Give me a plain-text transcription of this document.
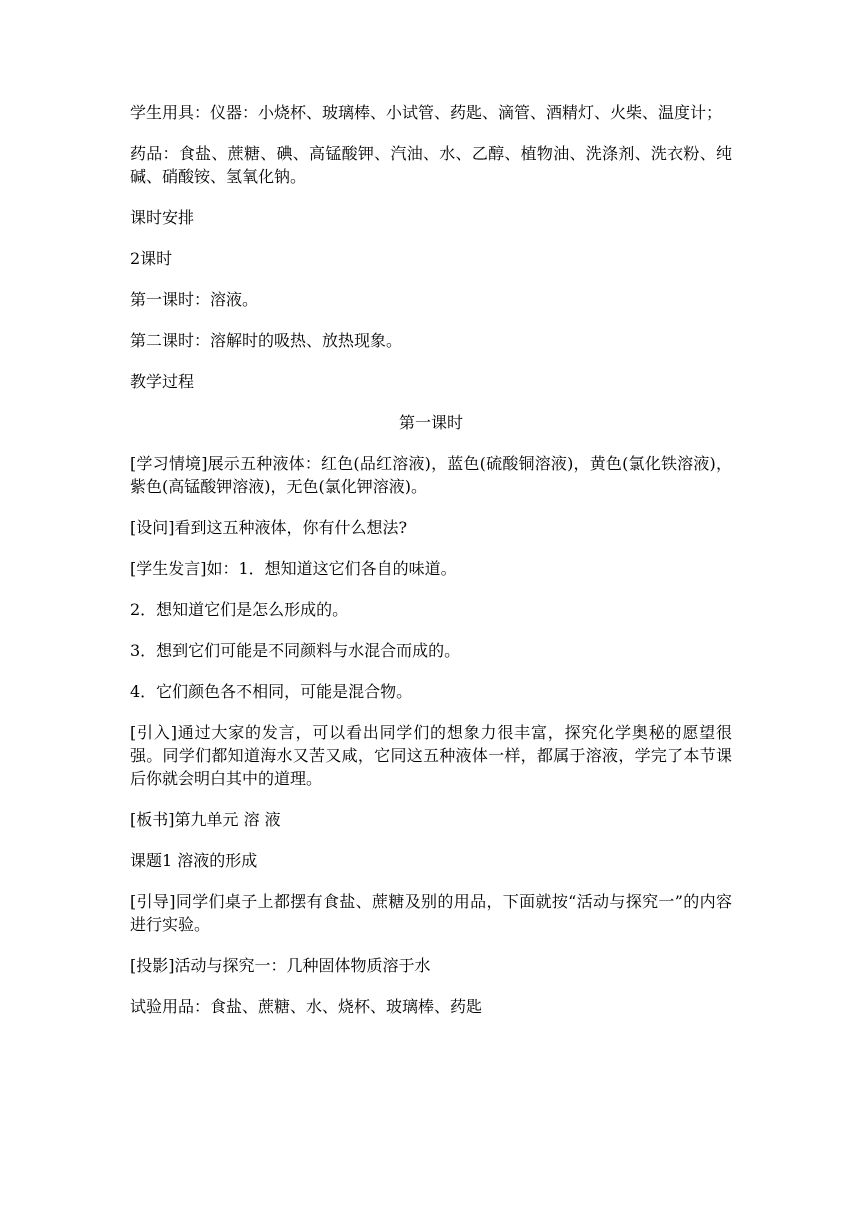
学生用具：仪器：小烧杯、玻璃棒、小试管、药匙、滴管、酒精灯、火柴、温度计；

药品：食盐、蔗糖、碘、高锰酸钾、汽油、水、乙醇、植物油、洗涤剂、洗衣粉、纯碱、硝酸铵、氢氧化钠。

课时安排

2课时

第一课时：溶液。

第二课时：溶解时的吸热、放热现象。

教学过程

第一课时

[学习情境]展示五种液体：红色(品红溶液)，蓝色(硫酸铜溶液)，黄色(氯化铁溶液)，紫色(高锰酸钾溶液)，无色(氯化钾溶液)。

[设问]看到这五种液体，你有什么想法?

[学生发言]如：1．想知道这它们各自的味道。

2．想知道它们是怎么形成的。

3．想到它们可能是不同颜料与水混合而成的。

4．它们颜色各不相同，可能是混合物。

[引入]通过大家的发言，可以看出同学们的想象力很丰富，探究化学奥秘的愿望很强。同学们都知道海水又苦又咸，它同这五种液体一样，都属于溶液，学完了本节课后你就会明白其中的道理。

[板书]第九单元 溶 液

课题1 溶液的形成

[引导]同学们桌子上都摆有食盐、蔗糖及别的用品，下面就按“活动与探究一”的内容进行实验。

[投影]活动与探究一：几种固体物质溶于水

试验用品：食盐、蔗糖、水、烧杯、玻璃棒、药匙
